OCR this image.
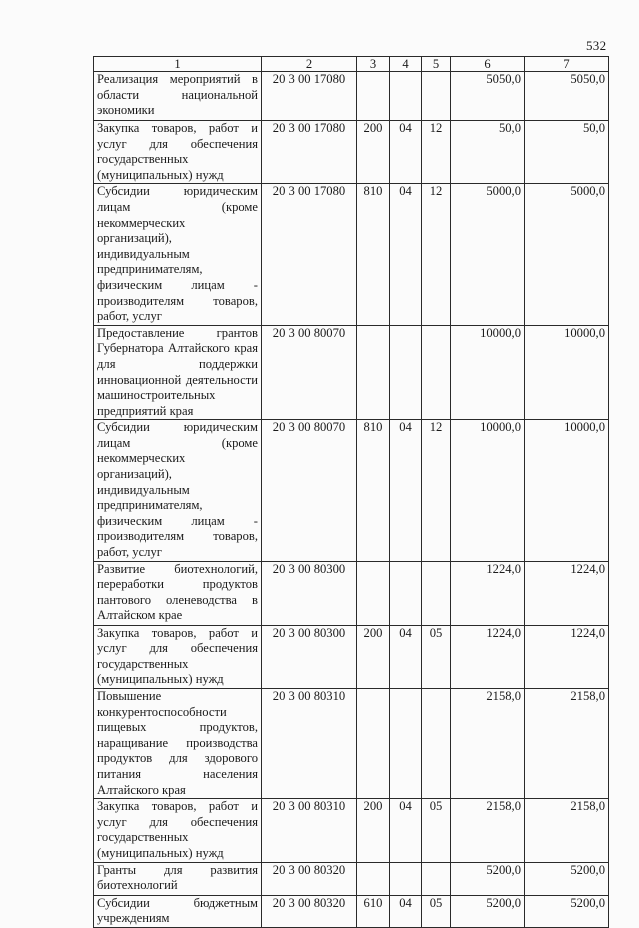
532
1	2	3	4	5	6	7
Реализация мероприятий в области национальной экономики	20 3 00 17080				5050,0	5050,0
Закупка товаров, работ и услуг для обеспечения государственных (муниципальных) нужд	20 3 00 17080	200	04	12	50,0	50,0
Субсидии юридическим лицам (кроме некоммерческих организаций), индивидуальным предпринимателям, физическим лицам - производителям товаров, работ, услуг	20 3 00 17080	810	04	12	5000,0	5000,0
Предоставление грантов Губернатора Алтайского края для поддержки инновационной деятельности машиностроительных предприятий края	20 3 00 80070				10000,0	10000,0
Субсидии юридическим лицам (кроме некоммерческих организаций), индивидуальным предпринимателям, физическим лицам - производителям товаров, работ, услуг	20 3 00 80070	810	04	12	10000,0	10000,0
Развитие биотехнологий, переработки продуктов пантового оленеводства в Алтайском крае	20 3 00 80300				1224,0	1224,0
Закупка товаров, работ и услуг для обеспечения государственных (муниципальных) нужд	20 3 00 80300	200	04	05	1224,0	1224,0
Повышение конкурентоспособности пищевых продуктов, наращивание производства продуктов для здорового питания населения Алтайского края	20 3 00 80310				2158,0	2158,0
Закупка товаров, работ и услуг для обеспечения государственных (муниципальных) нужд	20 3 00 80310	200	04	05	2158,0	2158,0
Гранты для развития биотехнологий	20 3 00 80320				5200,0	5200,0
Субсидии бюджетным учреждениям	20 3 00 80320	610	04	05	5200,0	5200,0
